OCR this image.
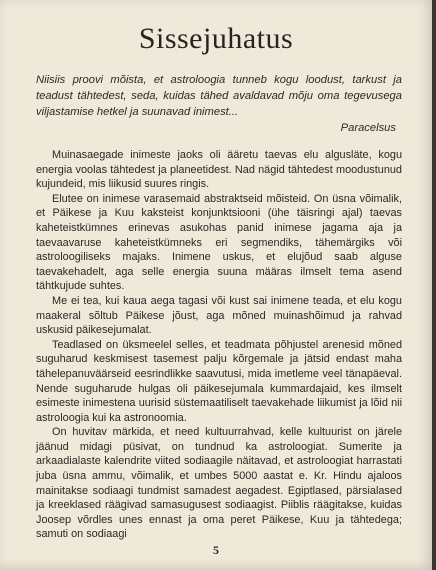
Sissejuhatus

Niisiis proovi mõista, et astroloogia tunneb kogu loodust, tarkust ja teadust tähtedest, seda, kuidas tähed avaldavad mõju oma tegevusega viljastamise hetkel ja suunavad inimest...

Paracelsus

Muinasaegade inimeste jaoks oli ääretu taevas elu algusläte, kogu energia voolas tähtedest ja planeetidest. Nad nägid tähtedest moodustunud kujundeid, mis liikusid suures ringis.

Elutee on inimese varasemaid abstraktseid mõisteid. On üsna võimalik, et Päikese ja Kuu kaksteist konjunktsiooni (ühe täisringi ajal) taevas kaheteistkümnes erinevas asukohas panid inimese jagama aja ja taevaavaruse kaheteistkümneks eri segmendiks, tähemärgiks või astroloogiliseks majaks. Inimene uskus, et elujõud saab alguse taevakehadelt, aga selle energia suuna määras ilmselt tema asend tähtkujude suhtes.

Me ei tea, kui kaua aega tagasi või kust sai inimene teada, et elu kogu maakeral sõltub Päikese jõust, aga mõned muinashõimud ja rahvad uskusid päikesejumalat.

Teadlased on üksmeelel selles, et teadmata põhjustel arenesid mõned suguharud keskmisest tasemest palju kõrgemale ja jätsid endast maha tähelepanuväärseid eesrindlikke saavutusi, mida imetleme veel tänapäeval. Nende suguharude hulgas oli päikesejumala kummardajaid, kes ilmselt esimeste inimestena uurisid süstemaatiliselt taevakehade liikumist ja lõid nii astroloogia kui ka astronoomia.

On huvitav märkida, et need kultuurrahvad, kelle kultuurist on järele jäänud midagi püsivat, on tundnud ka astroloogiat. Sumerite ja arkaadialaste kalendrite viited sodiaagile näitavad, et astroloogiat harrastati juba üsna ammu, võimalik, et umbes 5000 aastat e. Kr. Hindu ajaloos mainitakse sodiaagi tundmist samadest aegadest. Egiptlased, pärsialased ja kreeklased räägivad samasugusest sodiaagist. Piiblis räägitakse, kuidas Joosep võrdles unes ennast ja oma peret Päikese, Kuu ja tähtedega; samuti on sodiaagi

5
